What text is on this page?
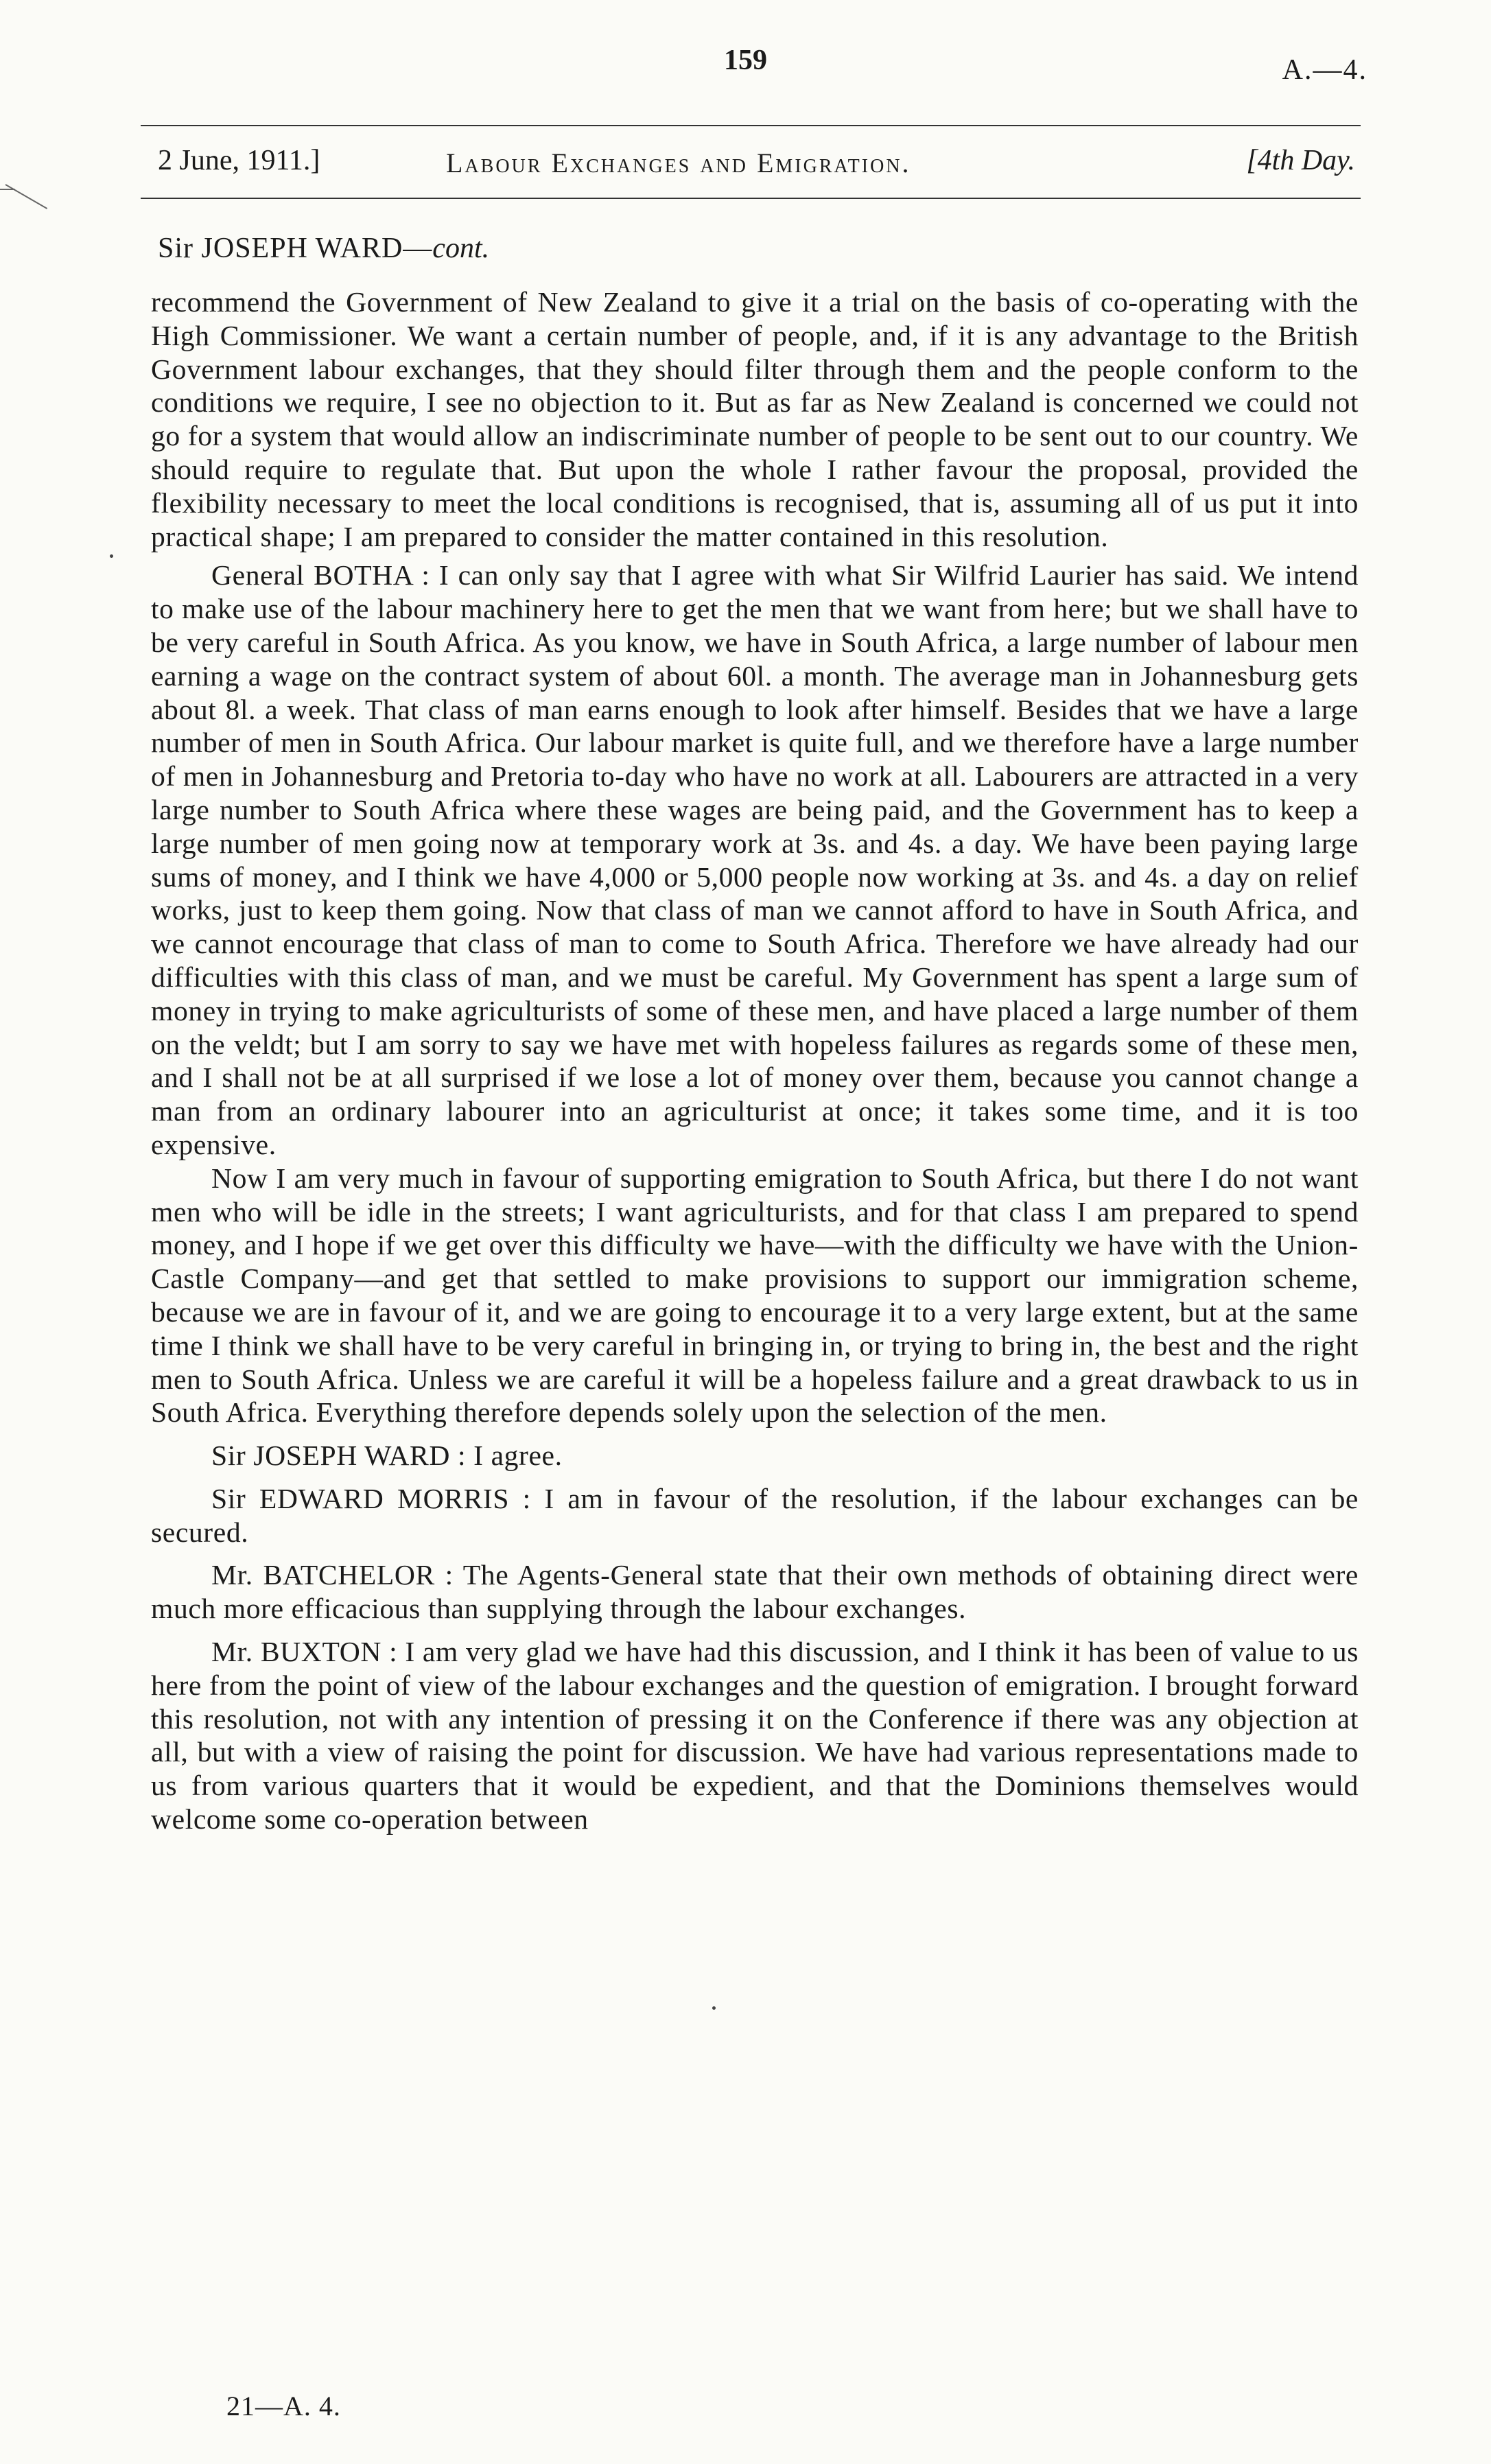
159	A.—4.
2 June, 1911.]	Labour Exchanges and Emigration.	[4th Day.
Sir JOSEPH WARD—cont.

recommend the Government of New Zealand to give it a trial on the basis of co-operating with the High Commissioner. We want a certain number of people, and, if it is any advantage to the British Government labour exchanges, that they should filter through them and the people conform to the conditions we require, I see no objection to it. But as far as New Zealand is concerned we could not go for a system that would allow an indiscriminate number of people to be sent out to our country. We should require to regulate that. But upon the whole I rather favour the proposal, provided the flexibility necessary to meet the local conditions is recognised, that is, assuming all of us put it into practical shape; I am prepared to consider the matter contained in this resolution.

General BOTHA : I can only say that I agree with what Sir Wilfrid Laurier has said. We intend to make use of the labour machinery here to get the men that we want from here; but we shall have to be very careful in South Africa. As you know, we have in South Africa, a large number of labour men earning a wage on the contract system of about 60l. a month. The average man in Johannesburg gets about 8l. a week. That class of man earns enough to look after himself. Besides that we have a large number of men in South Africa. Our labour market is quite full, and we therefore have a large number of men in Johannesburg and Pretoria to-day who have no work at all. Labourers are attracted in a very large number to South Africa where these wages are being paid, and the Government has to keep a large number of men going now at temporary work at 3s. and 4s. a day. We have been paying large sums of money, and I think we have 4,000 or 5,000 people now working at 3s. and 4s. a day on relief works, just to keep them going. Now that class of man we cannot afford to have in South Africa, and we cannot encourage that class of man to come to South Africa. Therefore we have already had our difficulties with this class of man, and we must be careful. My Government has spent a large sum of money in trying to make agriculturists of some of these men, and have placed a large number of them on the veldt; but I am sorry to say we have met with hopeless failures as regards some of these men, and I shall not be at all surprised if we lose a lot of money over them, because you cannot change a man from an ordinary labourer into an agriculturist at once; it takes some time, and it is too expensive.

Now I am very much in favour of supporting emigration to South Africa, but there I do not want men who will be idle in the streets; I want agriculturists, and for that class I am prepared to spend money, and I hope if we get over this difficulty we have—with the difficulty we have with the Union-Castle Company—and get that settled to make provisions to support our immigration scheme, because we are in favour of it, and we are going to encourage it to a very large extent, but at the same time I think we shall have to be very careful in bringing in, or trying to bring in, the best and the right men to South Africa. Unless we are careful it will be a hopeless failure and a great drawback to us in South Africa. Everything therefore depends solely upon the selection of the men.

Sir JOSEPH WARD : I agree.

Sir EDWARD MORRIS : I am in favour of the resolution, if the labour exchanges can be secured.

Mr. BATCHELOR : The Agents-General state that their own methods of obtaining direct were much more efficacious than supplying through the labour exchanges.

Mr. BUXTON : I am very glad we have had this discussion, and I think it has been of value to us here from the point of view of the labour exchanges and the question of emigration. I brought forward this resolution, not with any intention of pressing it on the Conference if there was any objection at all, but with a view of raising the point for discussion. We have had various representations made to us from various quarters that it would be expedient, and that the Dominions themselves would welcome some co-operation between

21—A. 4.
